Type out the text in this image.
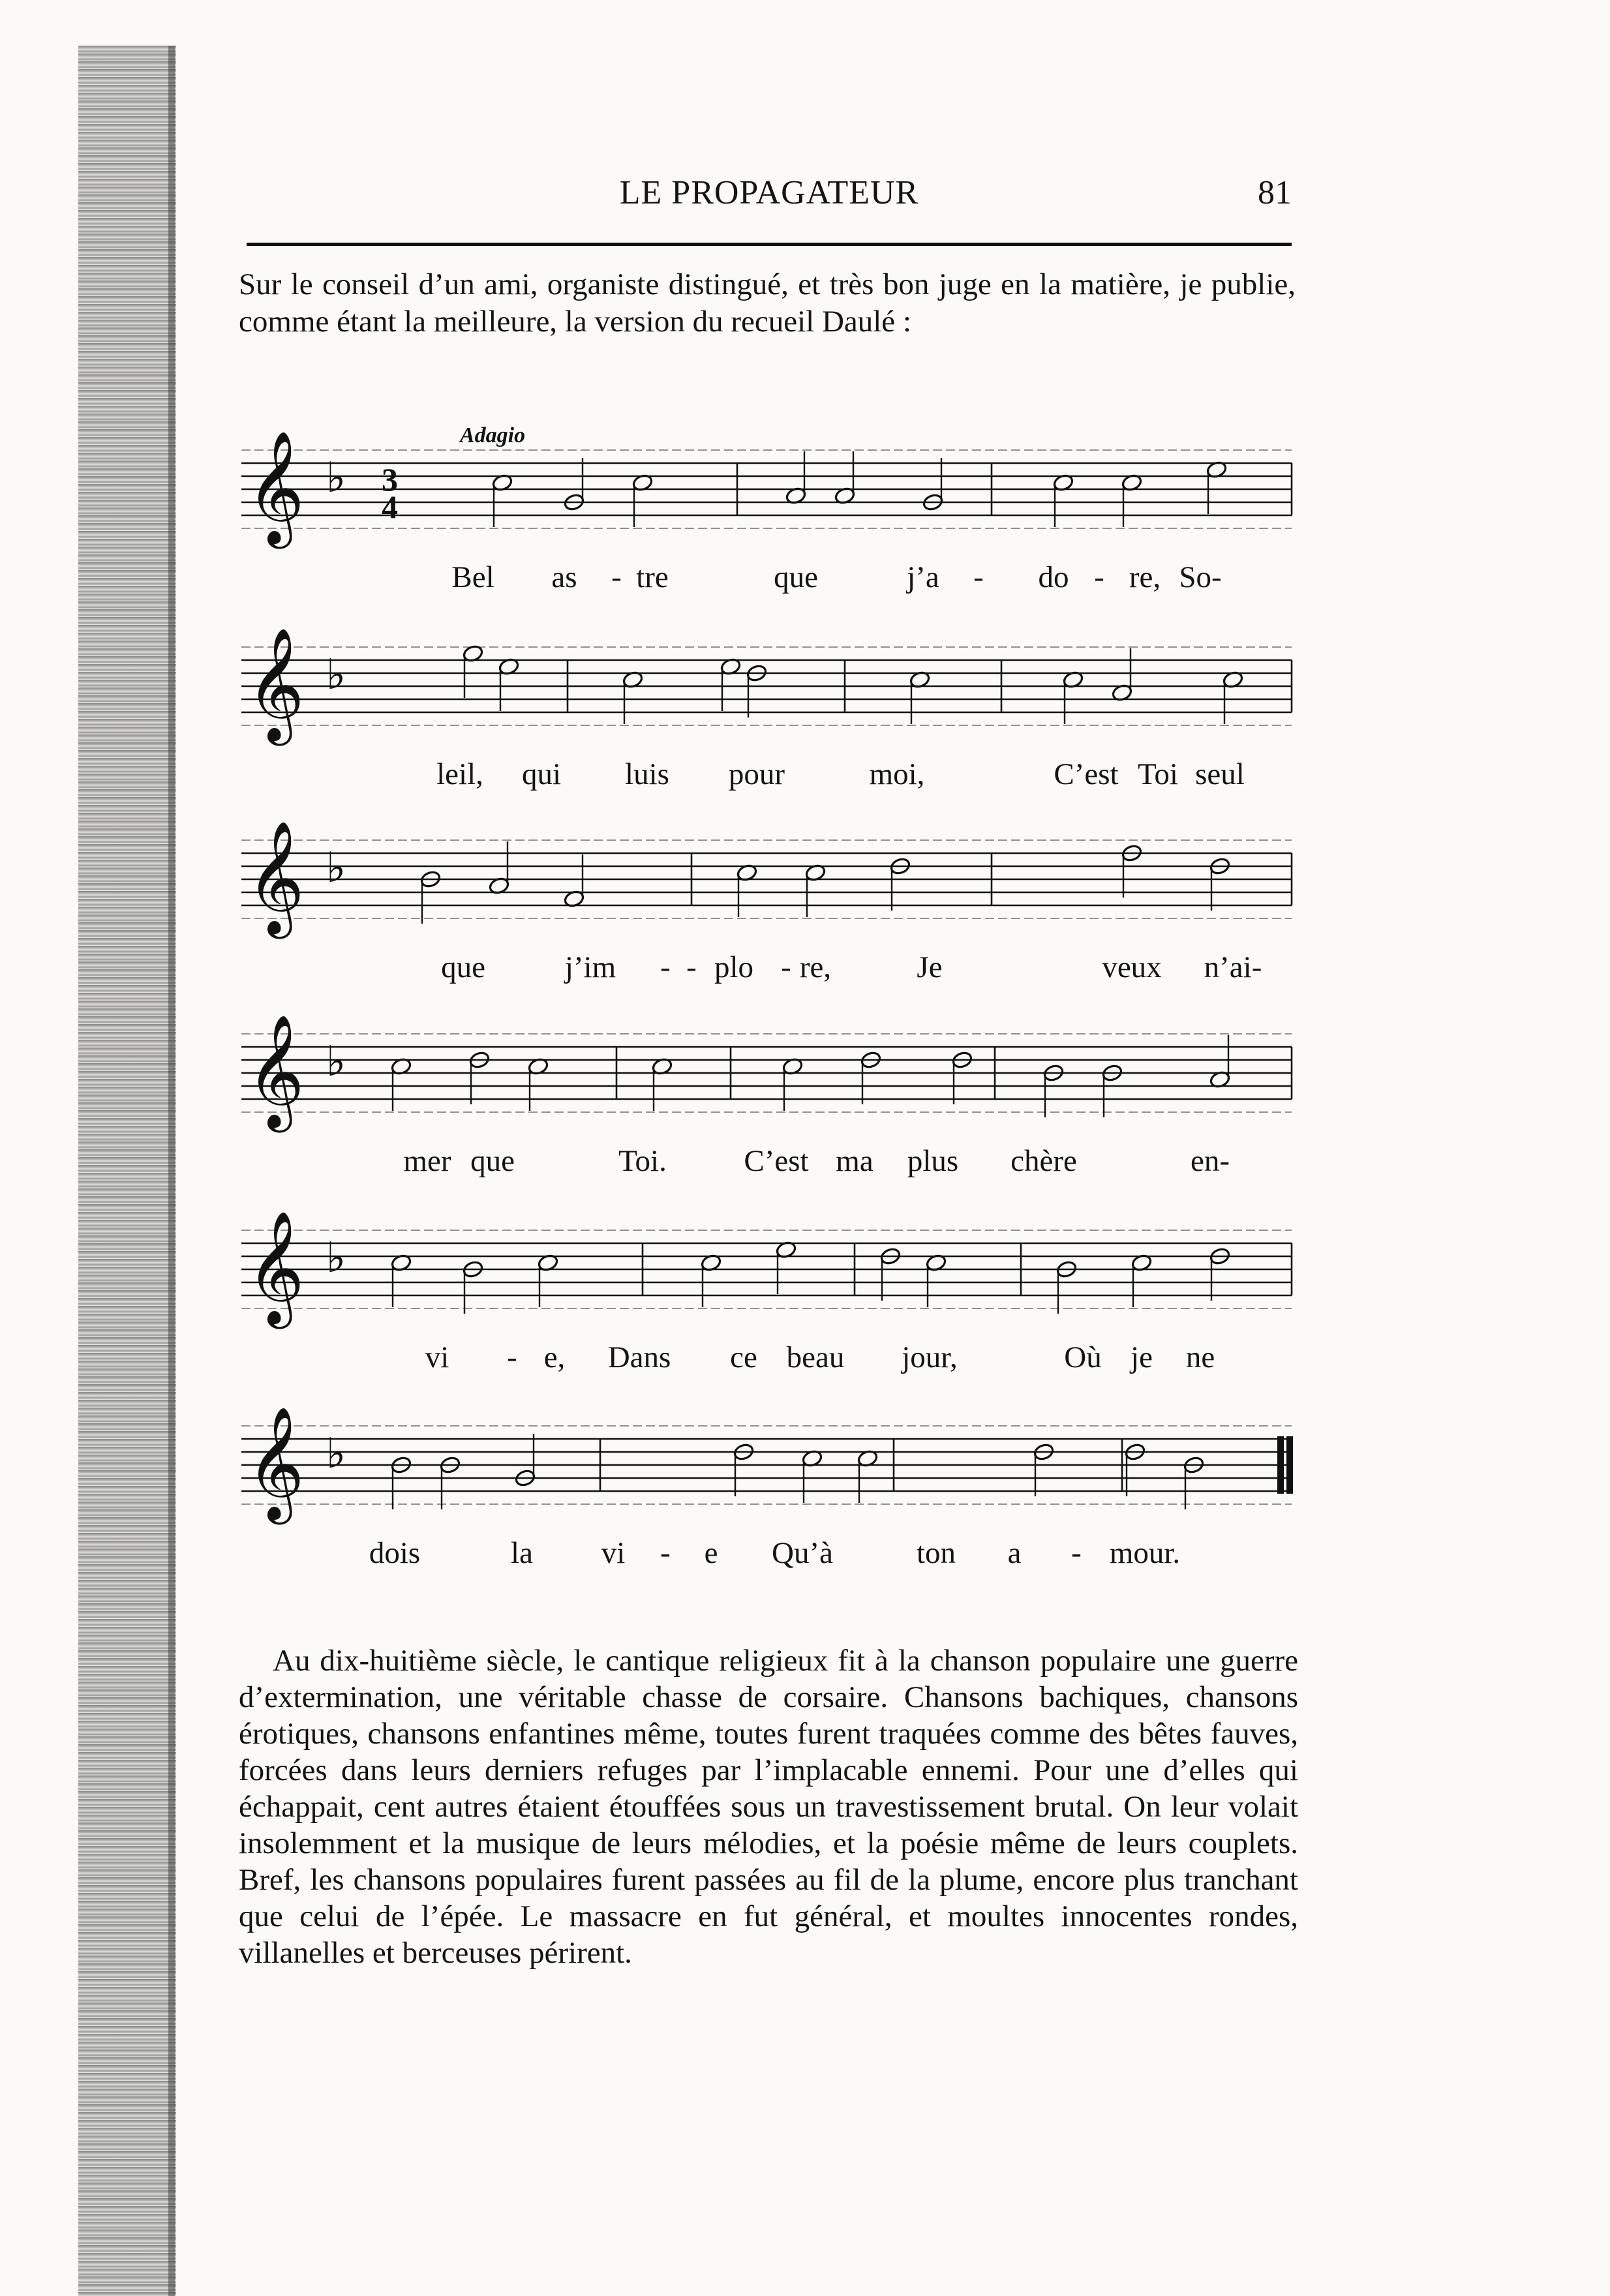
LE PROPAGATEUR	81
Sur le conseil d’un ami, organiste distingué, et très bon juge en la matière, je publie, comme étant la meilleure, la version du recueil Daulé :
𝄞 ♭
Adagio
3
4
Bel as - tre	que	j’a - do - re, So-
𝄞 ♭
leil, qui luis pour	moi,	C’est Toi seul
𝄞 ♭
que	j’im - - plo - re,	Je	veux n’ai-
𝄞 ♭
mer que	Toi.	C’est ma plus chère	en-
𝄞 ♭
vi - e, Dans ce beau jour,	Où je ne
𝄞 ♭
dois	la vi - e Qu’à	ton a - mour.

Au dix-huitième siècle, le cantique religieux fit à la chanson populaire une guerre d’extermination, une véritable chasse de corsaire. Chansons bachiques, chansons érotiques, chansons enfantines même, toutes furent traquées comme des bêtes fauves, forcées dans leurs derniers refuges par l’implacable ennemi. Pour une d’elles qui échappait, cent autres étaient étouffées sous un travestissement brutal. On leur volait insolemment et la musique de leurs mélodies, et la poésie même de leurs couplets. Bref, les chansons populaires furent passées au fil de la plume, encore plus tranchant que celui de l’épée. Le massacre en fut général, et moultes innocentes rondes, villanelles et berceuses périrent.
